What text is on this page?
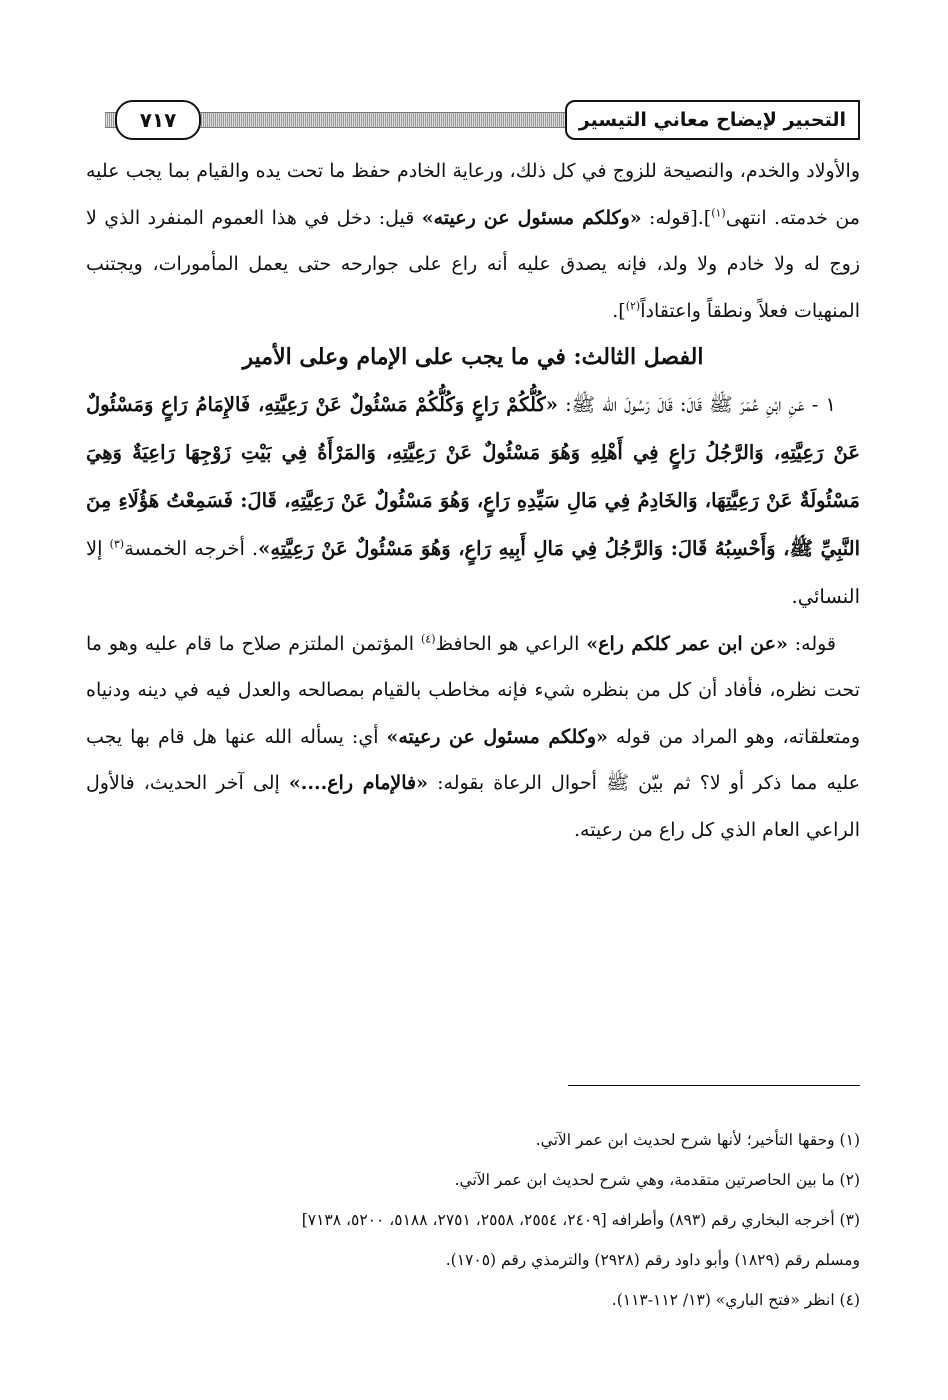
التحبير لإيضاح معاني التيسير
٧١٧

والأولاد والخدم، والنصيحة للزوج في كل ذلك، ورعاية الخادم حفظ ما تحت يده والقيام بما يجب عليه من خدمته. انتهى$^{(١)}$].[قوله: «وكلكم مسئول عن رعيته» قيل: دخل في هذا العموم المنفرد الذي لا زوج له ولا خادم ولا ولد، فإنه يصدق عليه أنه راع على جوارحه حتى يعمل المأمورات، ويجتنب المنهيات فعلاً ونطقاً واعتقاداً$^{(٢)}$].

الفصل الثالث: في ما يجب على الإمام وعلى الأمير

١ - عَنِ ابْنِ عُمَرَ ﷺ قَالَ: قَالَ رَسُولَ الله ﷺ: «كُلُّكُمْ رَاعٍ وَكُلُّكُمْ مَسْئُولٌ عَنْ رَعِيَّتِهِ، فَالإِمَامُ رَاعٍ وَمَسْئُولٌ عَنْ رَعِيَّتِهِ، وَالرَّجُلُ رَاعٍ فِي أَهْلِهِ وَهُوَ مَسْئُولٌ عَنْ رَعِيَّتِهِ، وَالمَرْأَةُ فِي بَيْتِ زَوْجِهَا رَاعِيَةٌ وَهِيَ مَسْئُولَةٌ عَنْ رَعِيَّتِهَا، وَالخَادِمُ فِي مَالِ سَيِّدِهِ رَاعٍ، وَهُوَ مَسْئُولٌ عَنْ رَعِيَّتِهِ، قَالَ: فَسَمِعْتُ هَؤُلَاءِ مِنَ النَّبِيِّ ﷺ، وَأَحْسِبُهُ قَالَ: وَالرَّجُلُ فِي مَالِ أَبِيهِ رَاعٍ، وَهُوَ مَسْئُولٌ عَنْ رَعِيَّتِهِ». أخرجه الخمسة$^{(٣)}$ إلا النسائي.

قوله: «عن ابن عمر كلكم راع» الراعي هو الحافظ$^{(٤)}$ المؤتمن الملتزم صلاح ما قام عليه وهو ما تحت نظره، فأفاد أن كل من بنظره شيء فإنه مخاطب بالقيام بمصالحه والعدل فيه في دينه ودنياه ومتعلقاته، وهو المراد من قوله «وكلكم مسئول عن رعيته» أي: يسأله الله عنها هل قام بها يجب عليه مما ذكر أو لا؟ ثم بيّن ﷺ أحوال الرعاة بقوله: «فالإمام راع....» إلى آخر الحديث، فالأول الراعي العام الذي كل راع من رعيته.

(١) وحقها التأخير؛ لأنها شرح لحديث ابن عمر الآتي.

(٢) ما بين الحاصرتين متقدمة، وهي شرح لحديث ابن عمر الآتي.

(٣) أخرجه البخاري رقم (٨٩٣) وأطرافه [٢٤٠٩، ٢٥٥٤، ٢٥٥٨، ٢٧٥١، ٥١٨٨، ٥٢٠٠، ٧١٣٨]

ومسلم رقم (١٨٢٩) وأبو داود رقم (٢٩٢٨) والترمذي رقم (١٧٠٥).

(٤) انظر «فتح الباري» (١٣/ ١١٢-١١٣).
